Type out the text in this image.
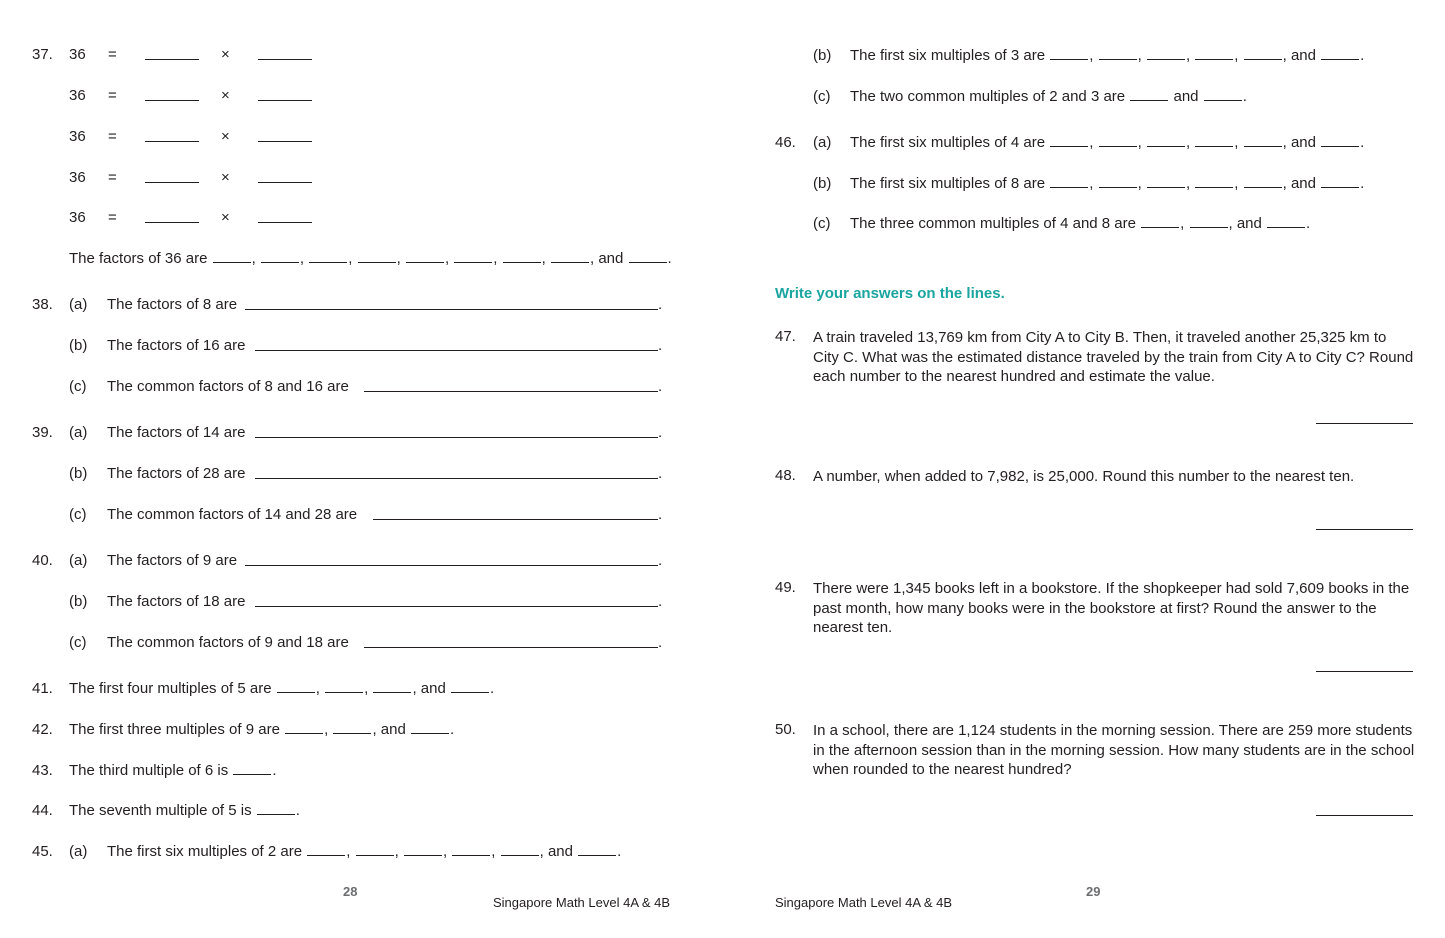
37. 36 =	×
36 =	×
36 =	×
36 =	×
36 =	×
The factors of 36 are	,	,	,	,	,	,	,	, and	.
38. (a) The factors of 8 are	.
(b) The factors of 16 are	.
(c) The common factors of 8 and 16 are	.
39. (a) The factors of 14 are	.
(b) The factors of 28 are	.
(c) The common factors of 14 and 28 are	.
40. (a) The factors of 9 are	.
(b) The factors of 18 are	.
(c) The common factors of 9 and 18 are	.
41. The first four multiples of 5 are	,	,	, and	.
42. The first three multiples of 9 are	,	, and	.
43. The third multiple of 6 is	.
44. The seventh multiple of 5 is	.
45. (a) The first six multiples of 2 are	,	,	,	,	, and	.
28
Singapore Math Level 4A & 4B
(b) The first six multiples of 3 are	,	,	,	,	, and	.
(c) The two common multiples of 2 and 3 are	and	.
46. (a) The first six multiples of 4 are	,	,	,	,	, and	.
(b) The first six multiples of 8 are	,	,	,	,	, and	.
(c) The three common multiples of 4 and 8 are	,	, and	.
Write your answers on the lines.
47. A train traveled 13,769 km from City A to City B. Then, it traveled another 25,325 km to City C. What was the estimated distance traveled by the train from City A to City C? Round each number to the nearest hundred and estimate the value.
48. A number, when added to 7,982, is 25,000. Round this number to the nearest ten.
49. There were 1,345 books left in a bookstore. If the shopkeeper had sold 7,609 books in the past month, how many books were in the bookstore at first? Round the answer to the nearest ten.
50. In a school, there are 1,124 students in the morning session. There are 259 more students in the afternoon session than in the morning session. How many students are in the school when rounded to the nearest hundred?
29
Singapore Math Level 4A & 4B
